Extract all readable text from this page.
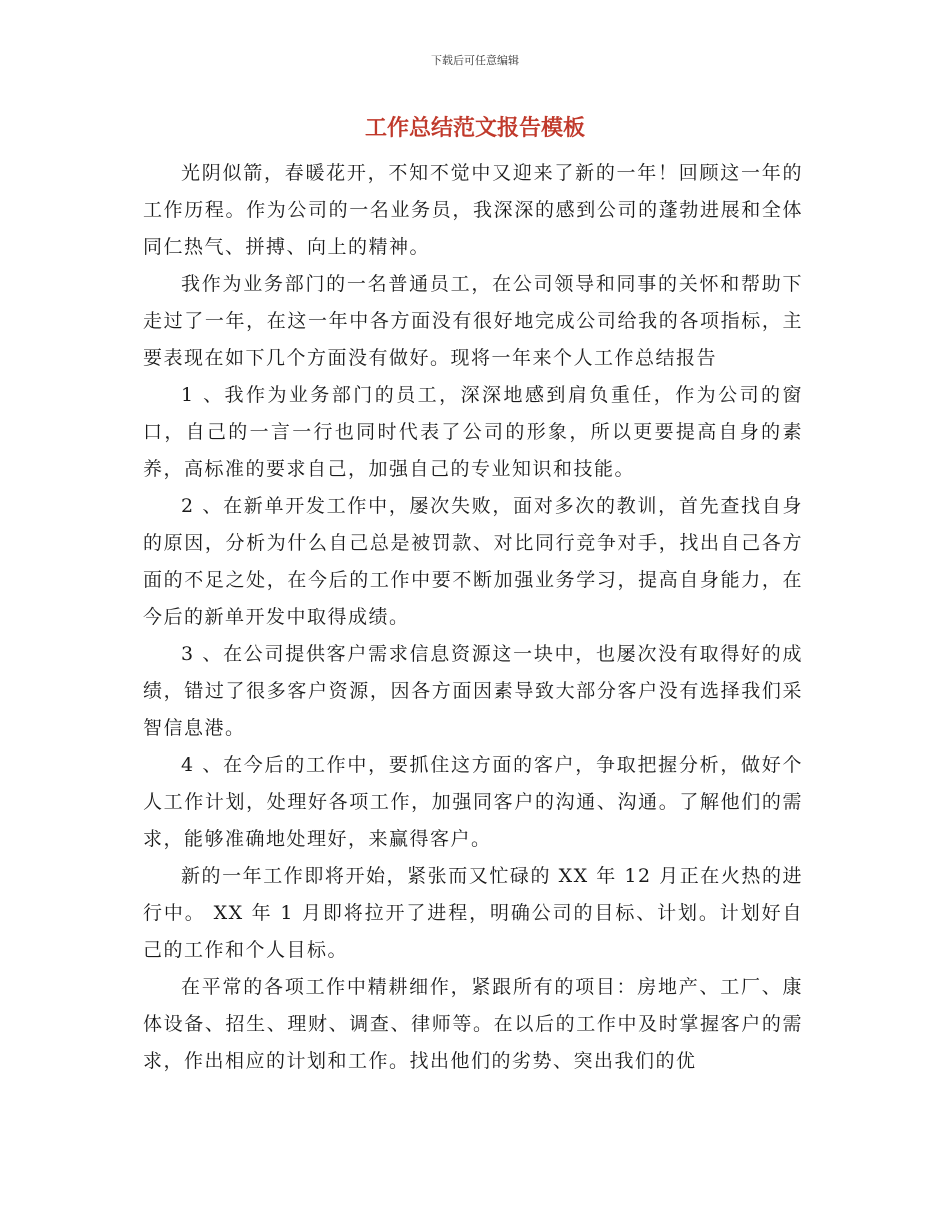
下载后可任意编辑
工作总结范文报告模板

光阴似箭，春暖花开，不知不觉中又迎来了新的一年！回顾这一年的工作历程。作为公司的一名业务员，我深深的感到公司的蓬勃进展和全体同仁热气、拼搏、向上的精神。

我作为业务部门的一名普通员工，在公司领导和同事的关怀和帮助下走过了一年，在这一年中各方面没有很好地完成公司给我的各项指标，主要表现在如下几个方面没有做好。现将一年来个人工作总结报告

1 、我作为业务部门的员工，深深地感到肩负重任，作为公司的窗口，自己的一言一行也同时代表了公司的形象，所以更要提高自身的素养，高标准的要求自己，加强自己的专业知识和技能。

2 、在新单开发工作中，屡次失败，面对多次的教训，首先查找自身的原因，分析为什么自己总是被罚款、对比同行竞争对手，找出自己各方面的不足之处，在今后的工作中要不断加强业务学习，提高自身能力，在今后的新单开发中取得成绩。

3 、在公司提供客户需求信息资源这一块中，也屡次没有取得好的成绩，错过了很多客户资源，因各方面因素导致大部分客户没有选择我们采智信息港。

4 、在今后的工作中，要抓住这方面的客户，争取把握分析，做好个人工作计划，处理好各项工作，加强同客户的沟通、沟通。了解他们的需求，能够准确地处理好，来赢得客户。

新的一年工作即将开始，紧张而又忙碌的 XX 年 12 月正在火热的进行中。 XX 年 1 月即将拉开了进程，明确公司的目标、计划。计划好自己的工作和个人目标。

在平常的各项工作中精耕细作，紧跟所有的项目：房地产、工厂、康体设备、招生、理财、调查、律师等。在以后的工作中及时掌握客户的需求，作出相应的计划和工作。找出他们的劣势、突出我们的优
